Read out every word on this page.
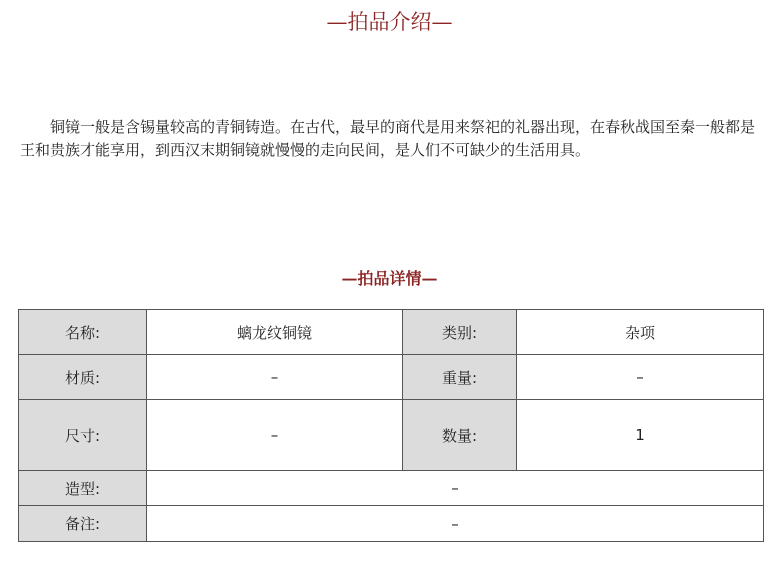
—拍品介绍—

铜镜一般是含锡量较高的青铜铸造。在古代，最早的商代是用来祭祀的礼器出现，在春秋战国至秦一般都是王和贵族才能享用，到西汉末期铜镜就慢慢的走向民间，是人们不可缺少的生活用具。

—拍品详情—
名称:	螭龙纹铜镜	类别:	杂项
材质:	–	重量:	–
尺寸:	–	数量:	1
造型:	–		
备注:	–		
